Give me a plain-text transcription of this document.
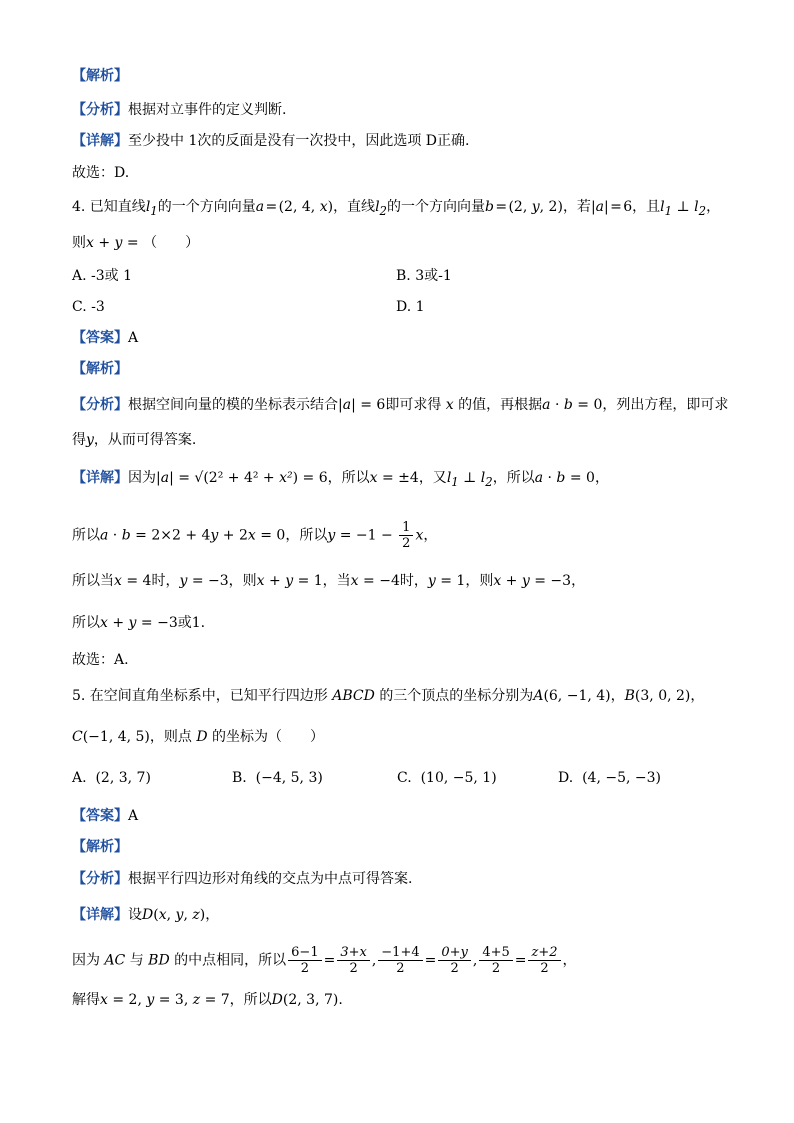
【解析】
【分析】根据对立事件的定义判断.
【详解】至少投中 1次的反面是没有一次投中，因此选项 D正确.
故选：D.
4. 已知直线$l_1$的一个方向向量a = (2, 4, x)，直线$l_2$的一个方向向量b = (2, y, 2)，若|a| = 6，且$l_1$ ⊥ $l_2$，
则x + y = （　　）
A. -3或 1	B. 3或-1
C. -3	D. 1
【答案】A
【解析】
【分析】根据空间向量的模的坐标表示结合|a| = 6即可求得 x 的值，再根据a · b = 0，列出方程，即可求
得y，从而可得答案.
【详解】因为|a| = √(2² + 4² + x²) = 6，所以x = ±4，又$l_1$ ⊥ $l_2$，所以a · b = 0，
所以a · b = 2×2 + 4y + 2x = 0，所以$y = -1 - \frac{1}{2}$ x，
所以当x = 4时，y = −3，则x + y = 1，当x = −4时，y = 1，则x + y = −3，
所以x + y = −3或1.
故选：A.
5. 在空间直角坐标系中，已知平行四边形 ABCD 的三个顶点的坐标分别为A(6, −1, 4)，B(3, 0, 2)，
C(−1, 4, 5)，则点 D 的坐标为（　　）
A.  (2, 3, 7)	B.  (−4, 5, 3)	C.  (10, −5, 1)	D.  (4, −5, −3)
【答案】A
【解析】
【分析】根据平行四边形对角线的交点为中点可得答案.
【详解】设D(x, y, z)，
因为 AC 与 BD 的中点相同，所以 $\frac{6-1}{2} = \frac{3+x}{2}$ , $\frac{-1+4}{2} = \frac{0+y}{2}$ , $\frac{4+5}{2} = \frac{z+2}{2}$ ，
解得x = 2, y = 3, z = 7，所以D(2, 3, 7).
